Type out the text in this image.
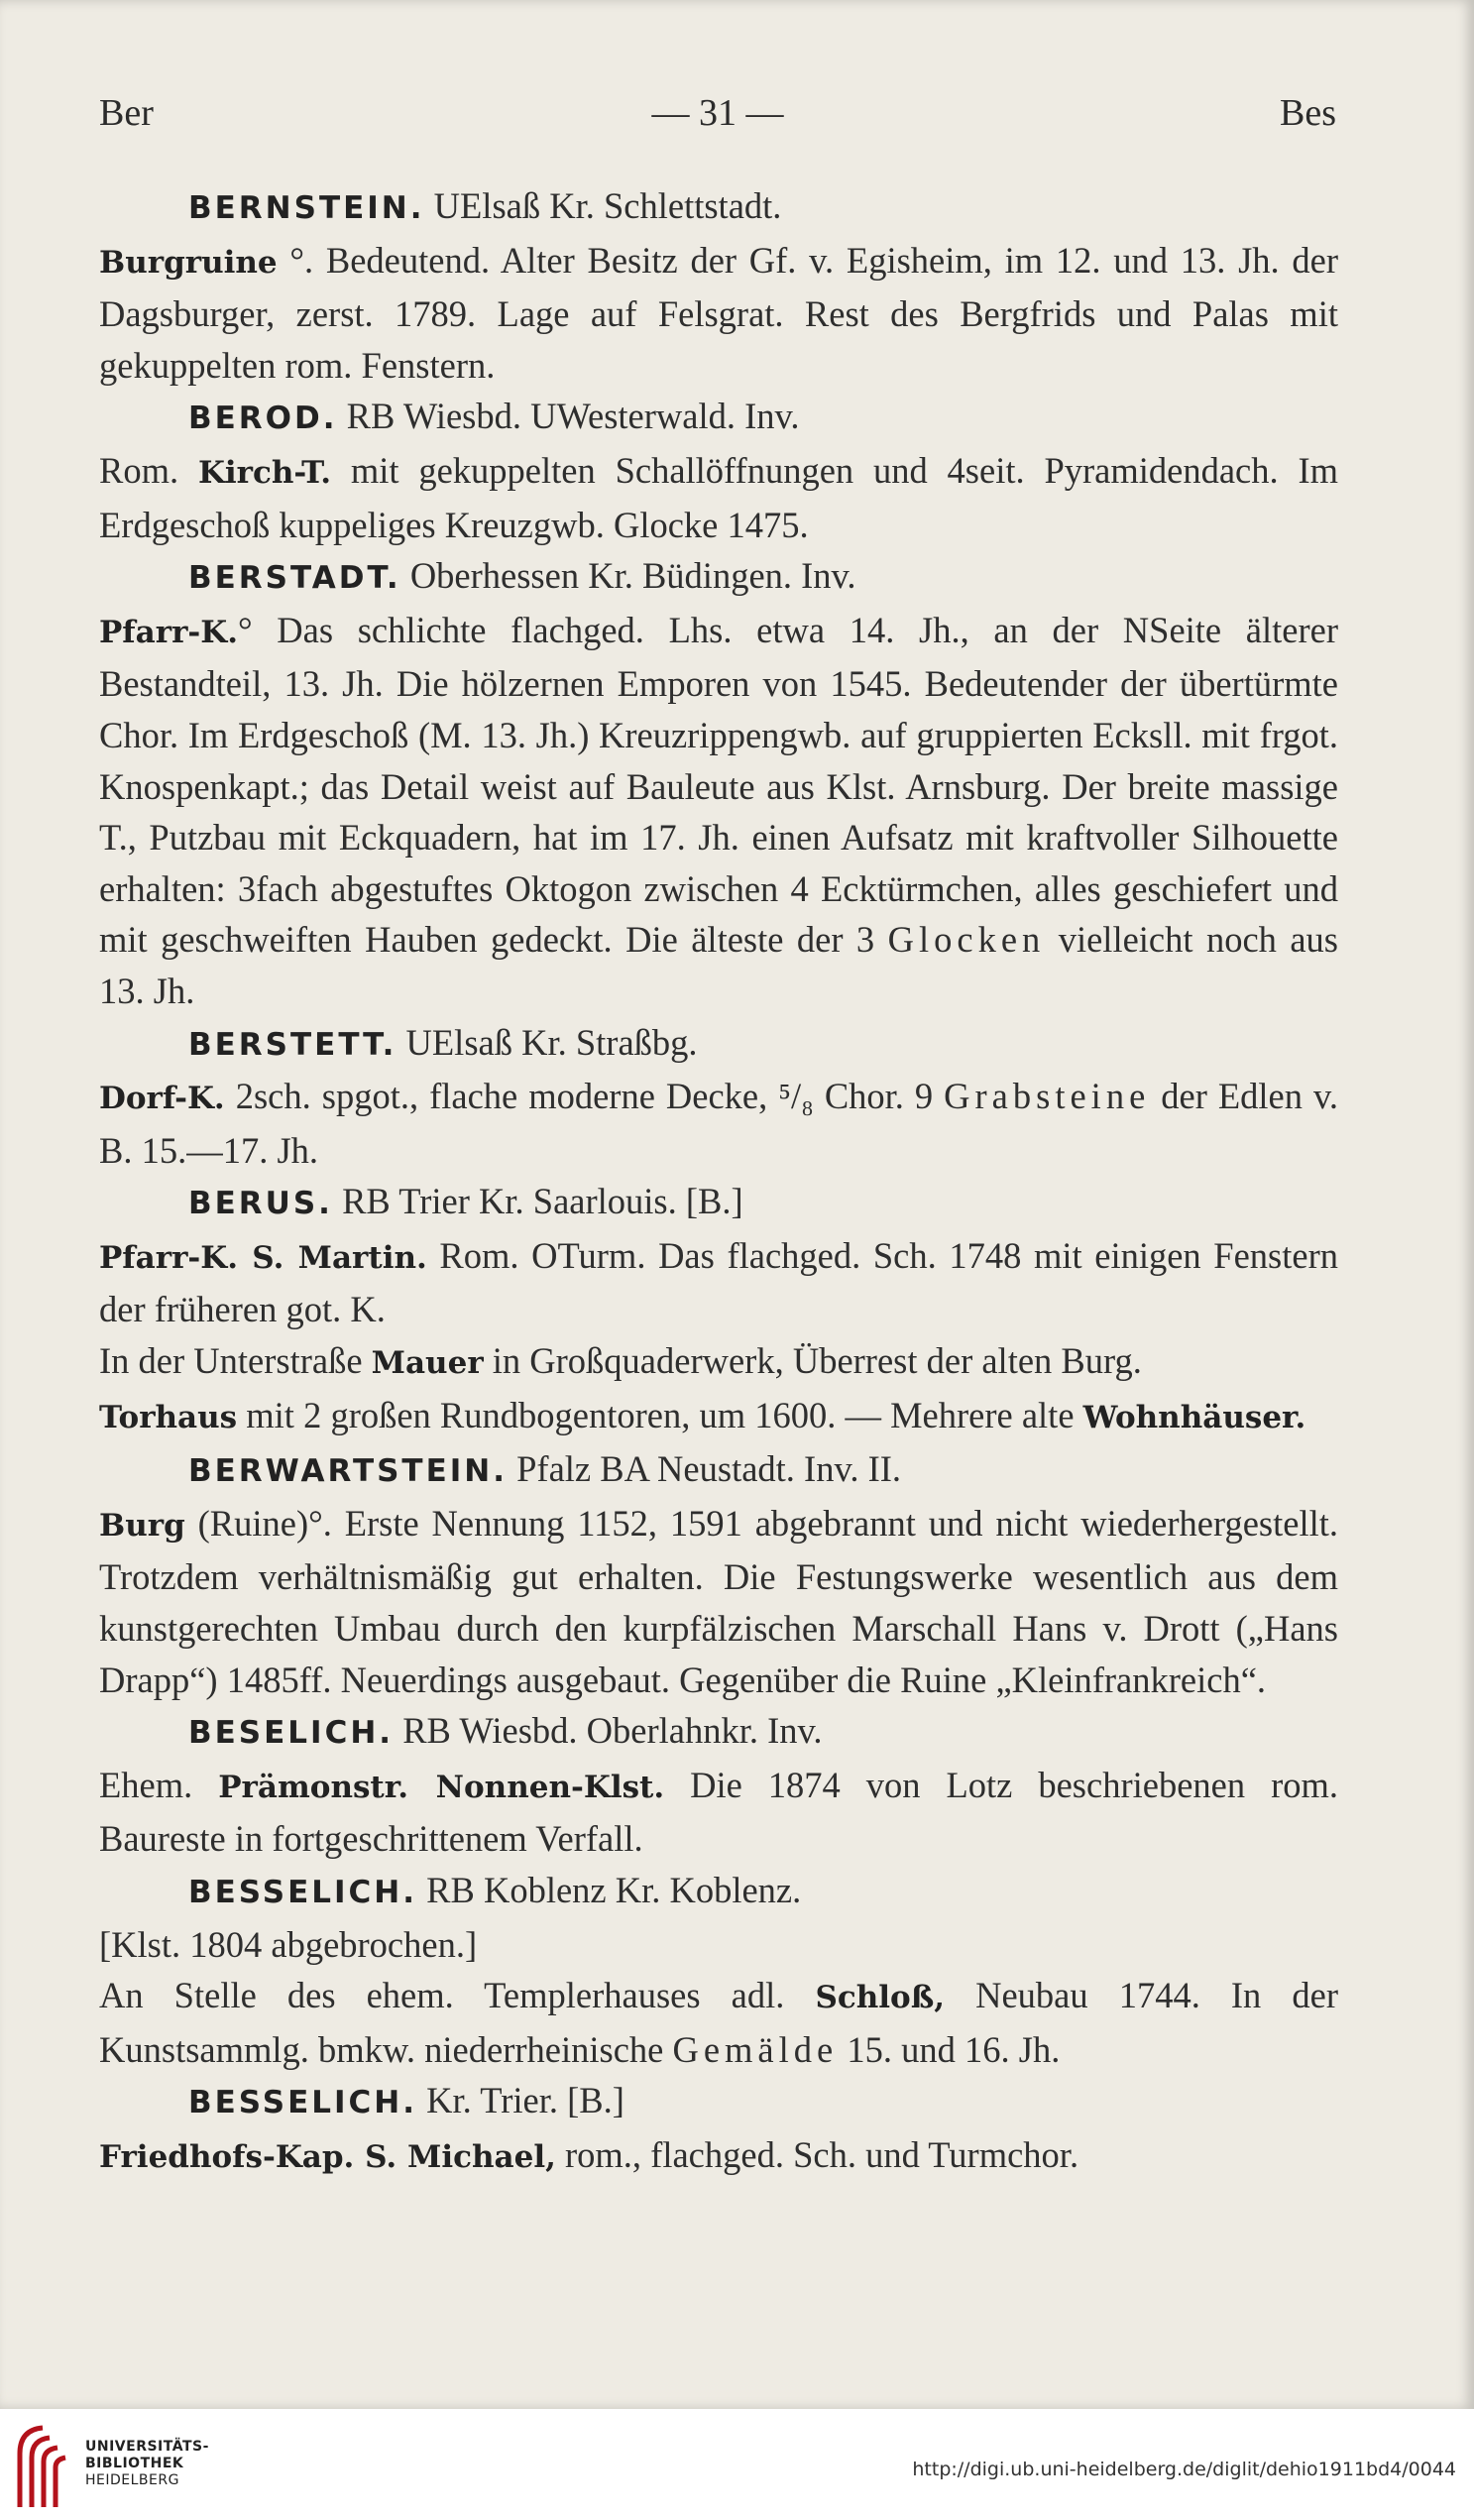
Ber	— 31 —	Bes

BERNSTEIN. UElsaß Kr. Schlettstadt.

Burgruine °. Bedeutend. Alter Besitz der Gf. v. Egisheim, im 12. und 13. Jh. der Dagsburger, zerst. 1789. Lage auf Felsgrat. Rest des Bergfrids und Palas mit gekuppelten rom. Fenstern.

BEROD. RB Wiesbd. UWesterwald. Inv.

Rom. Kirch-T. mit gekuppelten Schallöffnungen und 4seit. Pyramidendach. Im Erdgeschoß kuppeliges Kreuzgwb. Glocke 1475.

BERSTADT. Oberhessen Kr. Büdingen. Inv.

Pfarr-K.° Das schlichte flachged. Lhs. etwa 14. Jh., an der NSeite älterer Bestandteil, 13. Jh. Die hölzernen Emporen von 1545. Bedeutender der übertürmte Chor. Im Erdgeschoß (M. 13. Jh.) Kreuzrippengwb. auf gruppierten Ecksll. mit frgot. Knospenkapt.; das Detail weist auf Bauleute aus Klst. Arnsburg. Der breite massige T., Putzbau mit Eckquadern, hat im 17. Jh. einen Aufsatz mit kraftvoller Silhouette erhalten: 3fach abgestuftes Oktogon zwischen 4 Ecktürmchen, alles geschiefert und mit geschweiften Hauben gedeckt. Die älteste der 3 Glocken vielleicht noch aus 13. Jh.

BERSTETT. UElsaß Kr. Straßbg.

Dorf-K. 2sch. spgot., flache moderne Decke, ⁵/₈ Chor. 9 Grabsteine der Edlen v. B. 15.—17. Jh.

BERUS. RB Trier Kr. Saarlouis. [B.]

Pfarr-K. S. Martin. Rom. OTurm. Das flachged. Sch. 1748 mit einigen Fenstern der früheren got. K.

In der Unterstraße Mauer in Großquaderwerk, Überrest der alten Burg.

Torhaus mit 2 großen Rundbogentoren, um 1600. — Mehrere alte Wohnhäuser.

BERWARTSTEIN. Pfalz BA Neustadt. Inv. II.

Burg (Ruine)°. Erste Nennung 1152, 1591 abgebrannt und nicht wiederhergestellt. Trotzdem verhältnismäßig gut erhalten. Die Festungswerke wesentlich aus dem kunstgerechten Umbau durch den kurpfälzischen Marschall Hans v. Drott („Hans Drapp“) 1485ff. Neuerdings ausgebaut. Gegenüber die Ruine „Kleinfrankreich“.

BESELICH. RB Wiesbd. Oberlahnkr. Inv.

Ehem. Prämonstr. Nonnen-Klst. Die 1874 von Lotz beschriebenen rom. Baureste in fortgeschrittenem Verfall.

BESSELICH. RB Koblenz Kr. Koblenz.

[Klst. 1804 abgebrochen.]

An Stelle des ehem. Templerhauses adl. Schloß, Neubau 1744. In der Kunstsammlg. bmkw. niederrheinische Gemälde 15. und 16. Jh.

BESSELICH. Kr. Trier. [B.]

Friedhofs-Kap. S. Michael, rom., flachged. Sch. und Turmchor.

UNIVERSITÄTS-
BIBLIOTHEK
HEIDELBERG	http://digi.ub.uni-heidelberg.de/diglit/dehio1911bd4/0044
